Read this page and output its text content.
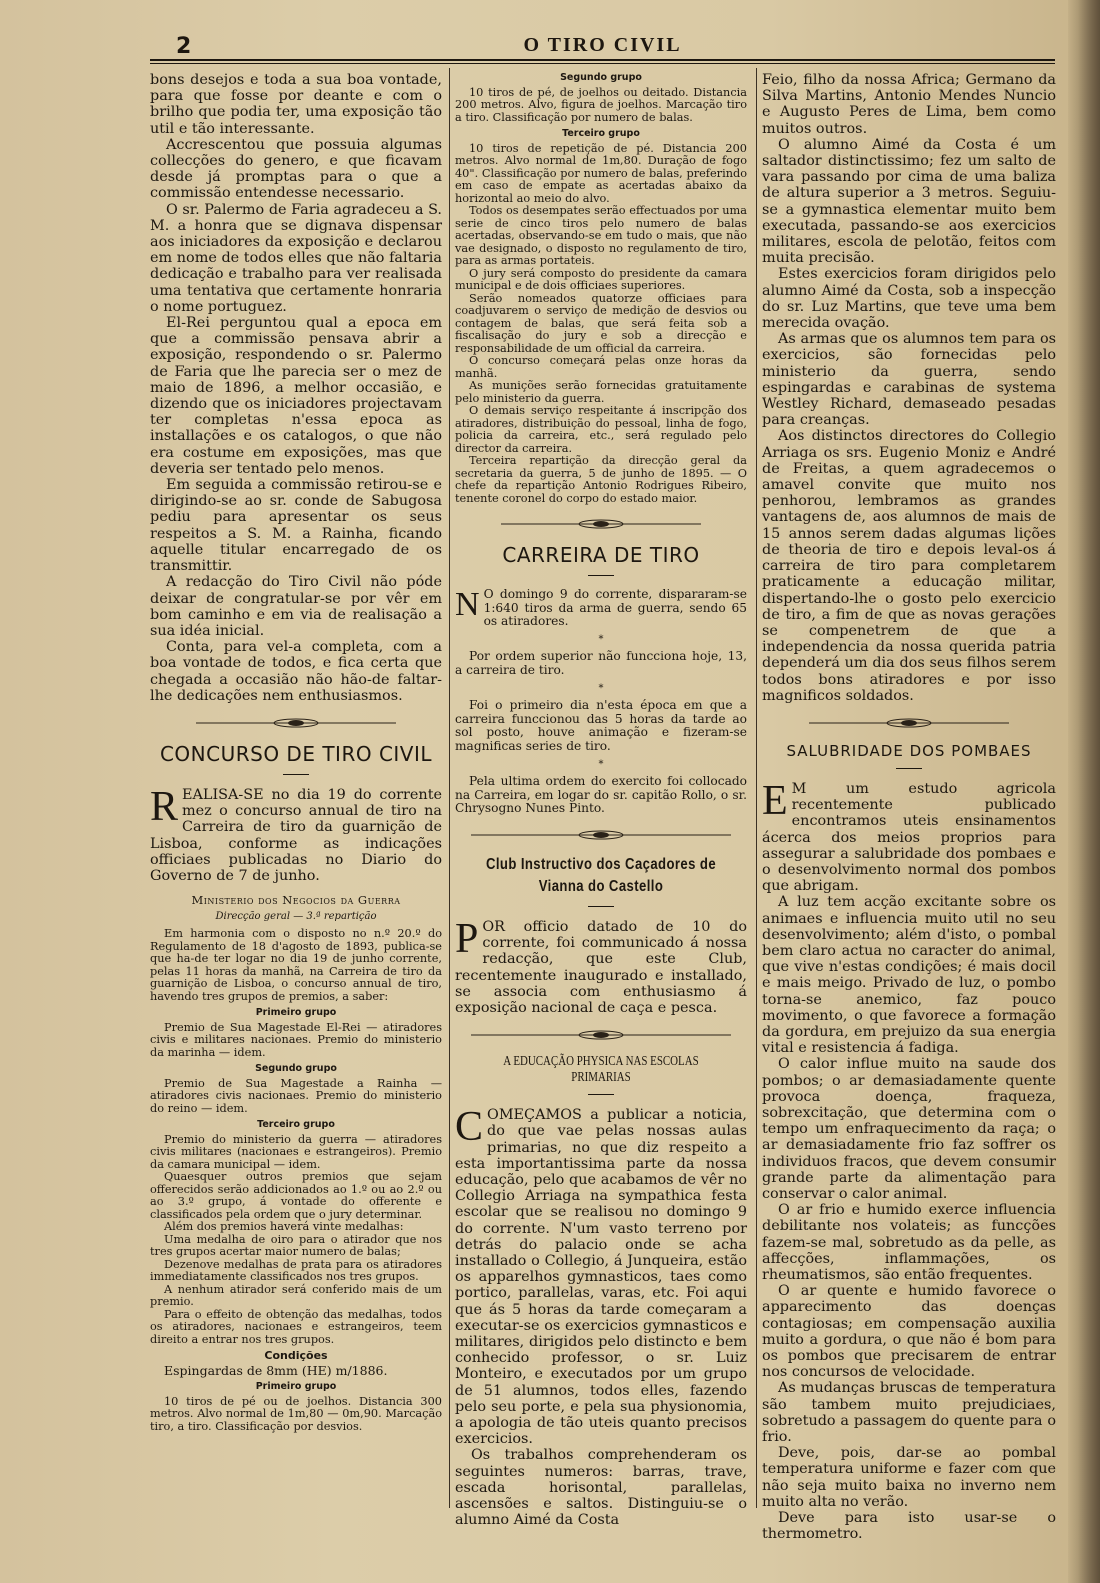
O TIRO CIVIL
2

bons desejos e toda a sua boa vontade, para que fosse por deante e com o brilho que podia ter, uma exposição tão util e tão interessante.

Accrescentou que possuia algumas collecções do genero, e que ficavam desde já promptas para o que a commissão entendesse necessario.

O sr. Palermo de Faria agradeceu a S. M. a honra que se dignava dispensar aos iniciadores da exposição e declarou em nome de todos elles que não faltaria dedicação e trabalho para ver realisada uma tentativa que certamente honraria o nome portuguez.

El-Rei perguntou qual a epoca em que a commissão pensava abrir a exposição, respondendo o sr. Palermo de Faria que lhe parecia ser o mez de maio de 1896, a melhor occasião, e dizendo que os iniciadores projectavam ter completas n'essa epoca as installações e os catalogos, o que não era costume em exposições, mas que deveria ser tentado pelo menos.

Em seguida a commissão retirou-se e dirigindo-se ao sr. conde de Sabugosa pediu para apresentar os seus respeitos a S. M. a Rainha, ficando aquelle titular encarregado de os transmittir.

A redacção do Tiro Civil não póde deixar de congratular-se por vêr em bom caminho e em via de realisação a sua idéa inicial.

Conta, para vel-a completa, com a boa vontade de todos, e fica certa que chegada a occasião não hão-de faltar-lhe dedicações nem enthusiasmos.

CONCURSO DE TIRO CIVIL
R EALISA-SE no dia 19 do corrente mez o concurso annual de tiro na Carreira de tiro da guarnição de Lisboa, conforme as indicações officiaes publicadas no Diario do Governo de 7 de junho.

Ministerio dos Negocios da Guerra
Direcção geral — 3.ª repartição

Em harmonia com o disposto no n.º 20.º do Regulamento de 18 d'agosto de 1893, publica-se que ha-de ter logar no dia 19 de junho corrente, pelas 11 horas da manhã, na Carreira de tiro da guarnição de Lisboa, o concurso annual de tiro, havendo tres grupos de premios, a saber:

Primeiro grupo

Premio de Sua Magestade El-Rei — atiradores civis e militares nacionaes. Premio do ministerio da marinha — idem.

Segundo grupo

Premio de Sua Magestade a Rainha — atiradores civis nacionaes. Premio do ministerio do reino — idem.

Terceiro grupo

Premio do ministerio da guerra — atiradores civis militares (nacionaes e estrangeiros). Premio da camara municipal — idem.

Quaesquer outros premios que sejam offerecidos serão addicionados ao 1.º ou ao 2.º ou ao 3.º grupo, á vontade do offerente e classificados pela ordem que o jury determinar.

Além dos premios haverá vinte medalhas:

Uma medalha de oiro para o atirador que nos tres grupos acertar maior numero de balas;

Dezenove medalhas de prata para os atiradores immediatamente classificados nos tres grupos.

A nenhum atirador será conferido mais de um premio.

Para o effeito de obtenção das medalhas, todos os atiradores, nacionaes e estrangeiros, teem direito a entrar nos tres grupos.

Condições

Espingardas de 8mm (HE) m/1886.

Primeiro grupo

10 tiros de pé ou de joelhos. Distancia 300 metros. Alvo normal de 1m,80 — 0m,90. Marcação tiro, a tiro. Classificação por desvios.

Segundo grupo

10 tiros de pé, de joelhos ou deitado. Distancia 200 metros. Alvo, figura de joelhos. Marcação tiro a tiro. Classificação por numero de balas.

Terceiro grupo

10 tiros de repetição de pé. Distancia 200 metros. Alvo normal de 1m,80. Duração de fogo 40". Classificação por numero de balas, preferindo em caso de empate as acertadas abaixo da horizontal ao meio do alvo.

Todos os desempates serão effectuados por uma serie de cinco tiros pelo numero de balas acertadas, observando-se em tudo o mais, que não vae designado, o disposto no regulamento de tiro, para as armas portateis.

O jury será composto do presidente da camara municipal e de dois officiaes superiores.

Serão nomeados quatorze officiaes para coadjuvarem o serviço de medição de desvios ou contagem de balas, que será feita sob a fiscalisação do jury e sob a direcção e responsabilidade de um official da carreira.

O concurso começará pelas onze horas da manhã.

As munições serão fornecidas gratuitamente pelo ministerio da guerra.

O demais serviço respeitante á inscripção dos atiradores, distribuição do pessoal, linha de fogo, policia da carreira, etc., será regulado pelo director da carreira.

Terceira repartição da direcção geral da secretaria da guerra, 5 de junho de 1895. — O chefe da repartição Antonio Rodrigues Ribeiro, tenente coronel do corpo do estado maior.

CARREIRA DE TIRO
N O domingo 9 do corrente, dispararam-se 1:640 tiros da arma de guerra, sendo 65 os atiradores.

*

Por ordem superior não funcciona hoje, 13, a carreira de tiro.

*

Foi o primeiro dia n'esta época em que a carreira funccionou das 5 horas da tarde ao sol posto, houve animação e fizeram-se magnificas series de tiro.

*

Pela ultima ordem do exercito foi collocado na Carreira, em logar do sr. capitão Rollo, o sr. Chrysogno Nunes Pinto.

Club Instructivo dos Caçadores de Vianna do Castello
P OR officio datado de 10 do corrente, foi communicado á nossa redacção, que este Club, recentemente inaugurado e installado, se associa com enthusiasmo á exposição nacional de caça e pesca.

A EDUCAÇÃO PHYSICA NAS ESCOLAS PRIMARIAS
C OMEÇAMOS a publicar a noticia, do que vae pelas nossas aulas primarias, no que diz respeito a esta importantissima parte da nossa educação, pelo que acabamos de vêr no Collegio Arriaga na sympathica festa escolar que se realisou no domingo 9 do corrente. N'um vasto terreno por detrás do palacio onde se acha installado o Collegio, á Junqueira, estão os apparelhos gymnasticos, taes como portico, parallelas, varas, etc. Foi aqui que ás 5 horas da tarde começaram a executar-se os exercicios gymnasticos e militares, dirigidos pelo distincto e bem conhecido professor, o sr. Luiz Monteiro, e executados por um grupo de 51 alumnos, todos elles, fazendo pelo seu porte, e pela sua physionomia, a apologia de tão uteis quanto precisos exercicios.

Os trabalhos comprehenderam os seguintes numeros: barras, trave, escada horisontal, parallelas, ascensões e saltos. Distinguiu-se o alumno Aimé da Costa

Feio, filho da nossa Africa; Germano da Silva Martins, Antonio Mendes Nuncio e Augusto Peres de Lima, bem como muitos outros.

O alumno Aimé da Costa é um saltador distinctissimo; fez um salto de vara passando por cima de uma baliza de altura superior a 3 metros. Seguiu-se a gymnastica elementar muito bem executada, passando-se aos exercicios militares, escola de pelotão, feitos com muita precisão.

Estes exercicios foram dirigidos pelo alumno Aimé da Costa, sob a inspecção do sr. Luz Martins, que teve uma bem merecida ovação.

As armas que os alumnos tem para os exercicios, são fornecidas pelo ministerio da guerra, sendo espingardas e carabinas de systema Westley Richard, demaseado pesadas para creanças.

Aos distinctos directores do Collegio Arriaga os srs. Eugenio Moniz e André de Freitas, a quem agradecemos o amavel convite que muito nos penhorou, lembramos as grandes vantagens de, aos alumnos de mais de 15 annos serem dadas algumas lições de theoria de tiro e depois leval-os á carreira de tiro para completarem praticamente a educação militar, dispertando-lhe o gosto pelo exercicio de tiro, a fim de que as novas gerações se compenetrem de que a independencia da nossa querida patria dependerá um dia dos seus filhos serem todos bons atiradores e por isso magnificos soldados.

SALUBRIDADE DOS POMBAES
E M um estudo agricola recentemente publicado encontramos uteis ensinamentos ácerca dos meios proprios para assegurar a salubridade dos pombaes e o desenvolvimento normal dos pombos que abrigam.

A luz tem acção excitante sobre os animaes e influencia muito util no seu desenvolvimento; além d'isto, o pombal bem claro actua no caracter do animal, que vive n'estas condições; é mais docil e mais meigo. Privado de luz, o pombo torna-se anemico, faz pouco movimento, o que favorece a formação da gordura, em prejuizo da sua energia vital e resistencia á fadiga.

O calor influe muito na saude dos pombos; o ar demasiadamente quente provoca doença, fraqueza, sobrexcitação, que determina com o tempo um enfraquecimento da raça; o ar demasiadamente frio faz soffrer os individuos fracos, que devem consumir grande parte da alimentação para conservar o calor animal.

O ar frio e humido exerce influencia debilitante nos volateis; as funcções fazem-se mal, sobretudo as da pelle, as affecções, inflammações, os rheumatismos, são então frequentes.

O ar quente e humido favorece o apparecimento das doenças contagiosas; em compensação auxilia muito a gordura, o que não é bom para os pombos que precisarem de entrar nos concursos de velocidade.

As mudanças bruscas de temperatura são tambem muito prejudiciaes, sobretudo a passagem do quente para o frio.

Deve, pois, dar-se ao pombal temperatura uniforme e fazer com que não seja muito baixa no inverno nem muito alta no verão.

Deve para isto usar-se o thermometro.
